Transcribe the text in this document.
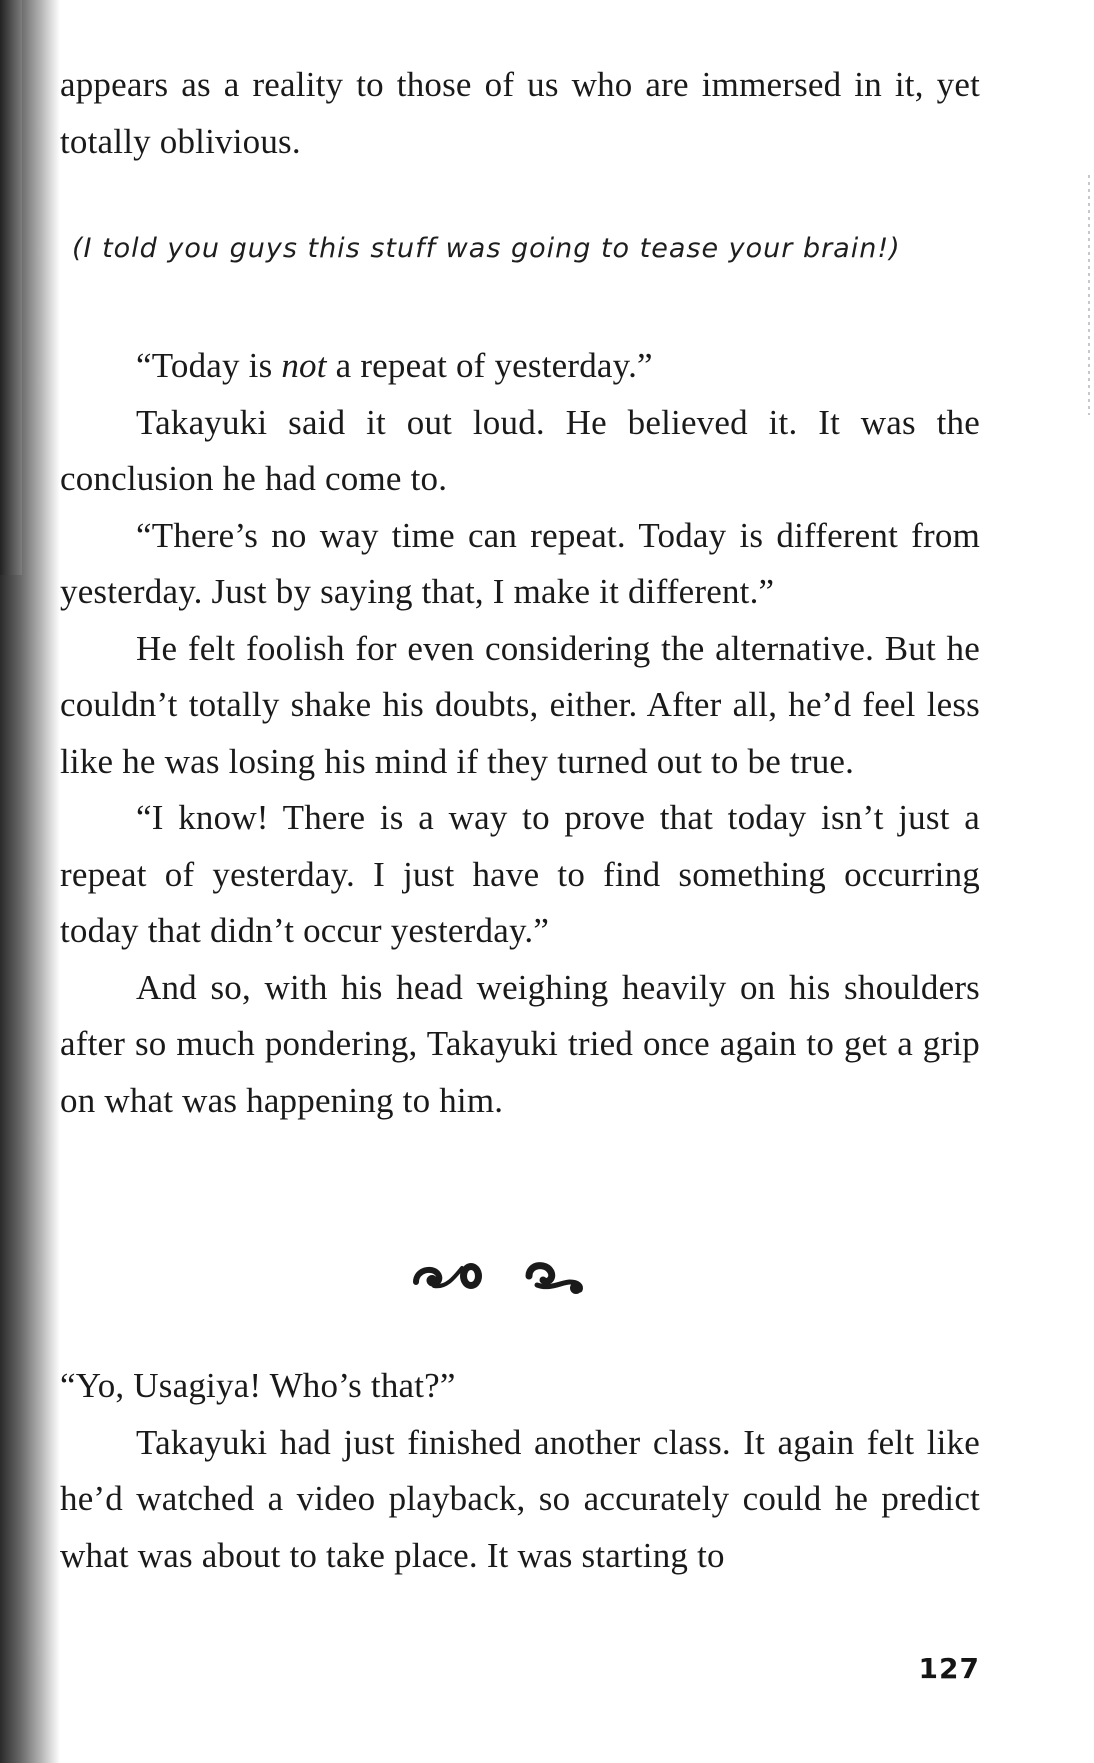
appears as a reality to those of us who are immersed in it, yet totally oblivious.

(I told you guys this stuff was going to tease your brain!)

“Today is not a repeat of yesterday.”

Takayuki said it out loud. He believed it. It was the conclusion he had come to.

“There’s no way time can repeat. Today is different from yesterday. Just by saying that, I make it different.”

He felt foolish for even considering the alternative. But he couldn’t totally shake his doubts, either. After all, he’d feel less like he was losing his mind if they turned out to be true.

“I know! There is a way to prove that today isn’t just a repeat of yesterday. I just have to find something occurring today that didn’t occur yesterday.”

And so, with his head weighing heavily on his shoulders after so much pondering, Takayuki tried once again to get a grip on what was happening to him.

“Yo, Usagiya! Who’s that?”

Takayuki had just finished another class. It again felt like he’d watched a video playback, so accurately could he predict what was about to take place. It was starting to

127
